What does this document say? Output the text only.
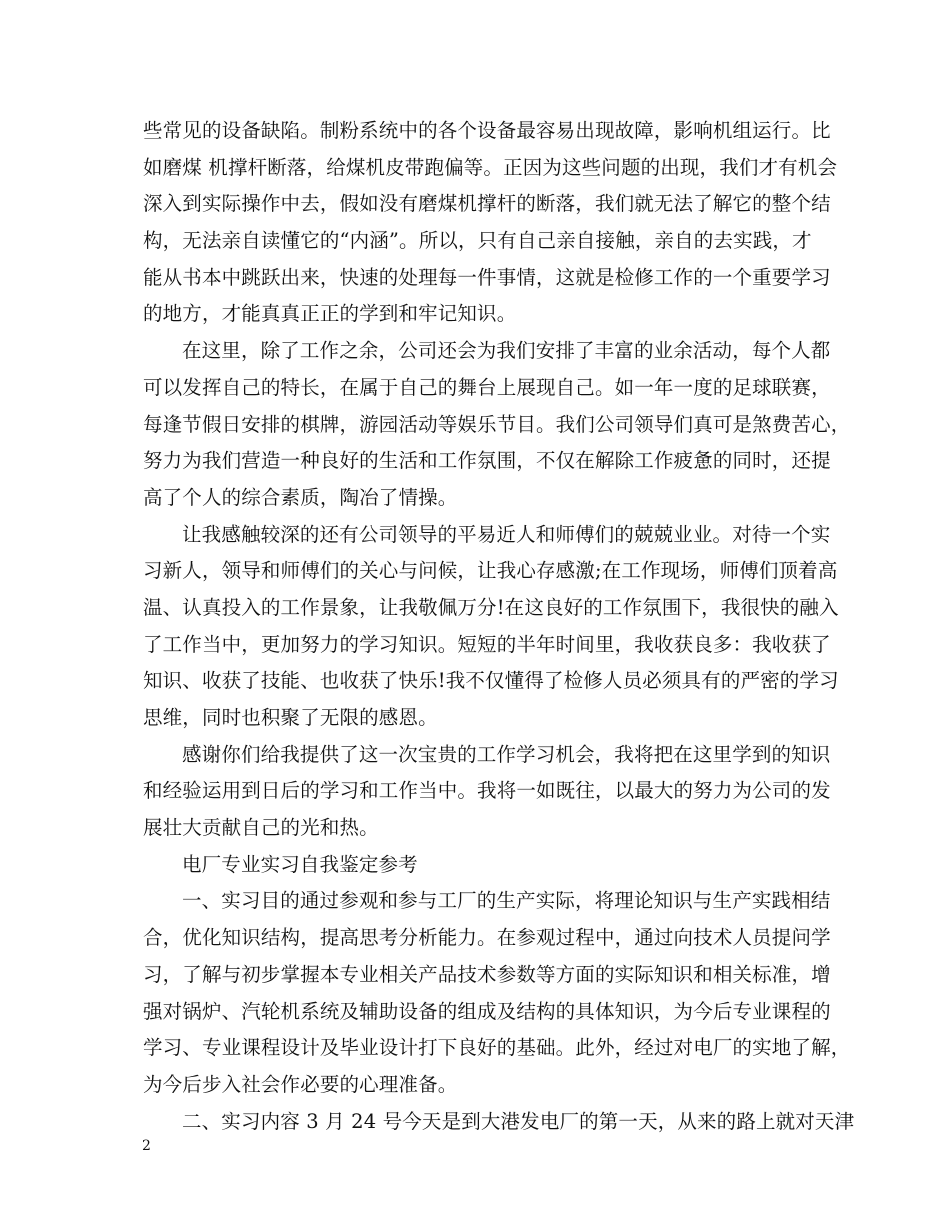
些常见的设备缺陷。制粉系统中的各个设备最容易出现故障，影响机组运行。比
如磨煤 机撑杆断落，给煤机皮带跑偏等。正因为这些问题的出现，我们才有机会
深入到实际操作中去，假如没有磨煤机撑杆的断落，我们就无法了解它的整个结
构，无法亲自读懂它的“内涵”。所以，只有自己亲自接触，亲自的去实践，才
能从书本中跳跃出来，快速的处理每一件事情，这就是检修工作的一个重要学习
的地方，才能真真正正的学到和牢记知识。
在这里，除了工作之余，公司还会为我们安排了丰富的业余活动，每个人都
可以发挥自己的特长，在属于自己的舞台上展现自己。如一年一度的足球联赛，
每逢节假日安排的棋牌，游园活动等娱乐节目。我们公司领导们真可是煞费苦心，
努力为我们营造一种良好的生活和工作氛围，不仅在解除工作疲惫的同时，还提
高了个人的综合素质，陶冶了情操。
让我感触较深的还有公司领导的平易近人和师傅们的兢兢业业。对待一个实
习新人，领导和师傅们的关心与问候，让我心存感激;在工作现场，师傅们顶着高
温、认真投入的工作景象，让我敬佩万分!在这良好的工作氛围下，我很快的融入
了工作当中，更加努力的学习知识。短短的半年时间里，我收获良多：我收获了
知识、收获了技能、也收获了快乐!我不仅懂得了检修人员必须具有的严密的学习
思维，同时也积聚了无限的感恩。
感谢你们给我提供了这一次宝贵的工作学习机会，我将把在这里学到的知识
和经验运用到日后的学习和工作当中。我将一如既往，以最大的努力为公司的发
展壮大贡献自己的光和热。
电厂专业实习自我鉴定参考
一、实习目的通过参观和参与工厂的生产实际，将理论知识与生产实践相结
合，优化知识结构，提高思考分析能力。在参观过程中，通过向技术人员提问学
习，了解与初步掌握本专业相关产品技术参数等方面的实际知识和相关标准，增
强对锅炉、汽轮机系统及辅助设备的组成及结构的具体知识，为今后专业课程的
学习、专业课程设计及毕业设计打下良好的基础。此外，经过对电厂的实地了解，
为今后步入社会作必要的心理准备。
二、实习内容 3 月 24 号今天是到大港发电厂的第一天，从来的路上就对天津
2
